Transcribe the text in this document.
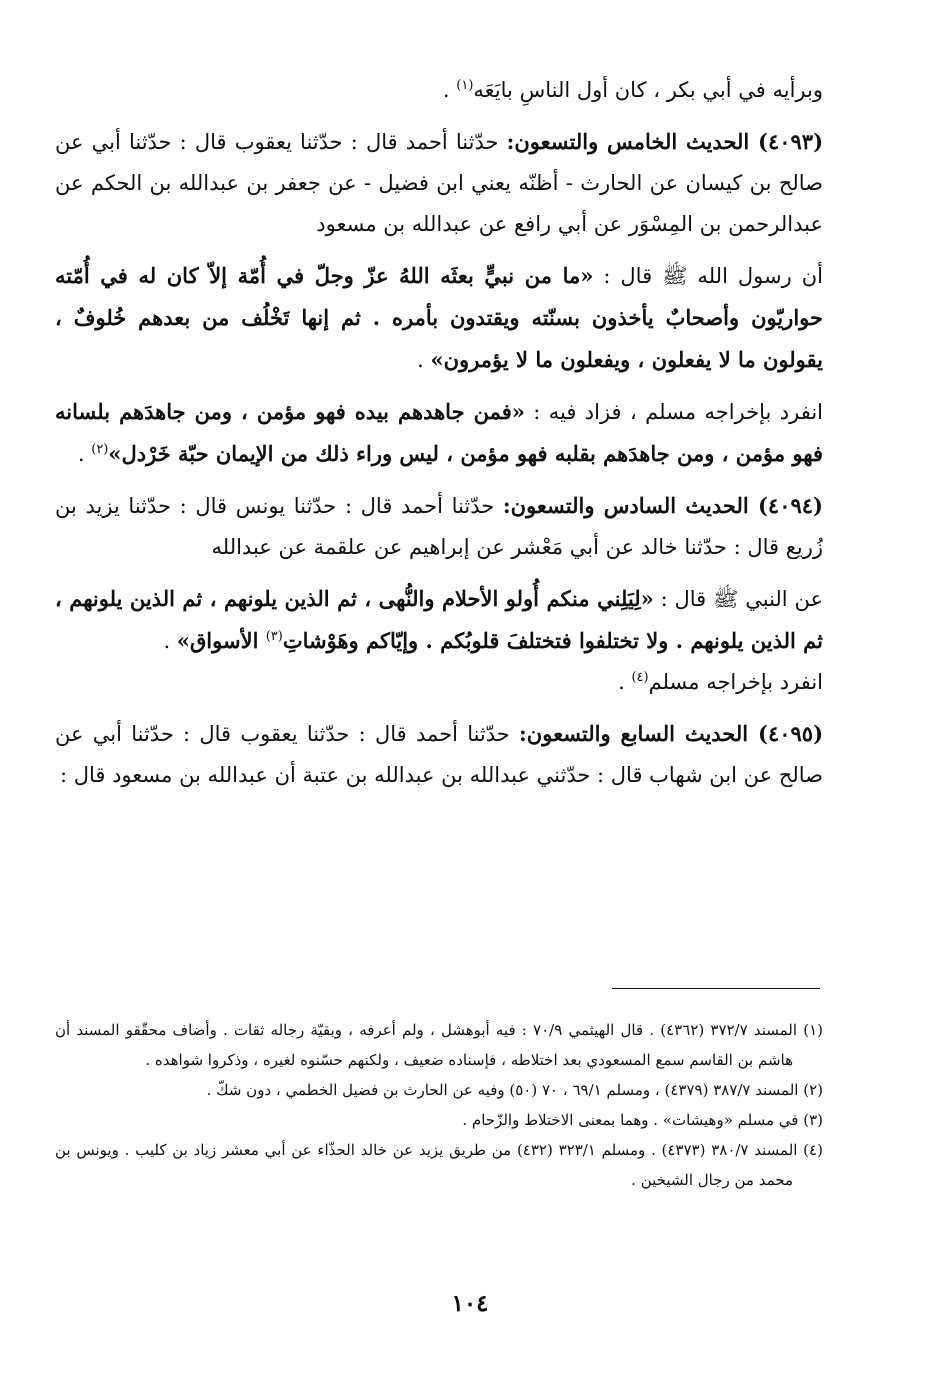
وبرأيه في أبي بكر ، كان أول الناسِ بايَعَه$^{(١)}$ .

(٤٠٩٣) الحديث الخامس والتسعون: حدّثنا أحمد قال : حدّثنا يعقوب قال : حدّثنا أبي عن صالح بن كيسان عن الحارث - أظنّه يعني ابن فضيل - عن جعفر بن عبدالله بن الحكم عن عبدالرحمن بن المِسْوَر عن أبي رافع عن عبدالله بن مسعود

أن رسول الله ﷺ قال : «ما من نبيٍّ بعثَه اللهُ عزّ وجلّ في أُمّة إلاّ كان له في أُمّته حواريّون وأصحابٌ يأخذون بسنّته ويقتدون بأمره . ثم إنها تَخْلُف من بعدهم خُلوفٌ ، يقولون ما لا يفعلون ، ويفعلون ما لا يؤمرون» .

انفرد بإخراجه مسلم ، فزاد فيه : «فمن جاهدهم بيده فهو مؤمن ، ومن جاهدَهم بلسانه فهو مؤمن ، ومن جاهدَهم بقلبه فهو مؤمن ، ليس وراء ذلك من الإيمان حبّة خَرْدل»$^{(٢)}$ .

(٤٠٩٤) الحديث السادس والتسعون: حدّثنا أحمد قال : حدّثنا يونس قال : حدّثنا يزيد بن زُريع قال : حدّثنا خالد عن أبي مَعْشر عن إبراهيم عن علقمة عن عبدالله

عن النبي ﷺ قال : «لِيَلِني منكم أُولو الأحلام والنُّهى ، ثم الذين يلونهم ، ثم الذين يلونهم ، ثم الذين يلونهم . ولا تختلفوا فتختلفَ قلوبُكم . وإيّاكم وهَوْشاتِ$^{(٣)}$ الأسواق» .

انفرد بإخراجه مسلم$^{(٤)}$ .

(٤٠٩٥) الحديث السابع والتسعون: حدّثنا أحمد قال : حدّثنا يعقوب قال : حدّثنا أبي عن صالح عن ابن شهاب قال : حدّثني عبدالله بن عبدالله بن عتبة أن عبدالله بن مسعود قال :

(١) المسند ٣٧٢/٧ (٤٣٦٢) . قال الهيثمي ٧٠/٩ : فيه أبوهشل ، ولم أعرفه ، وبقيّة رجاله ثقات . وأضاف محقّقو المسند أن هاشم بن القاسم سمع المسعودي بعد اختلاطه ، فإسناده ضعيف ، ولكنهم حسّنوه لغيره ، وذكروا شواهده .

(٢) المسند ٣٨٧/٧ (٤٣٧٩) ، ومسلم ٦٩/١ ، ٧٠ (٥٠) وفيه عن الحارث بن فضيل الخطمي ، دون شكّ .

(٣) في مسلم «وهيشات» . وهما بمعنى الاختلاط والزّحام .

(٤) المسند ٣٨٠/٧ (٤٣٧٣) . ومسلم ٣٢٣/١ (٤٣٢) من طريق يزيد عن خالد الحذّاء عن أبي معشر زياد بن كليب . ويونس بن محمد من رجال الشيخين .

١٠٤
